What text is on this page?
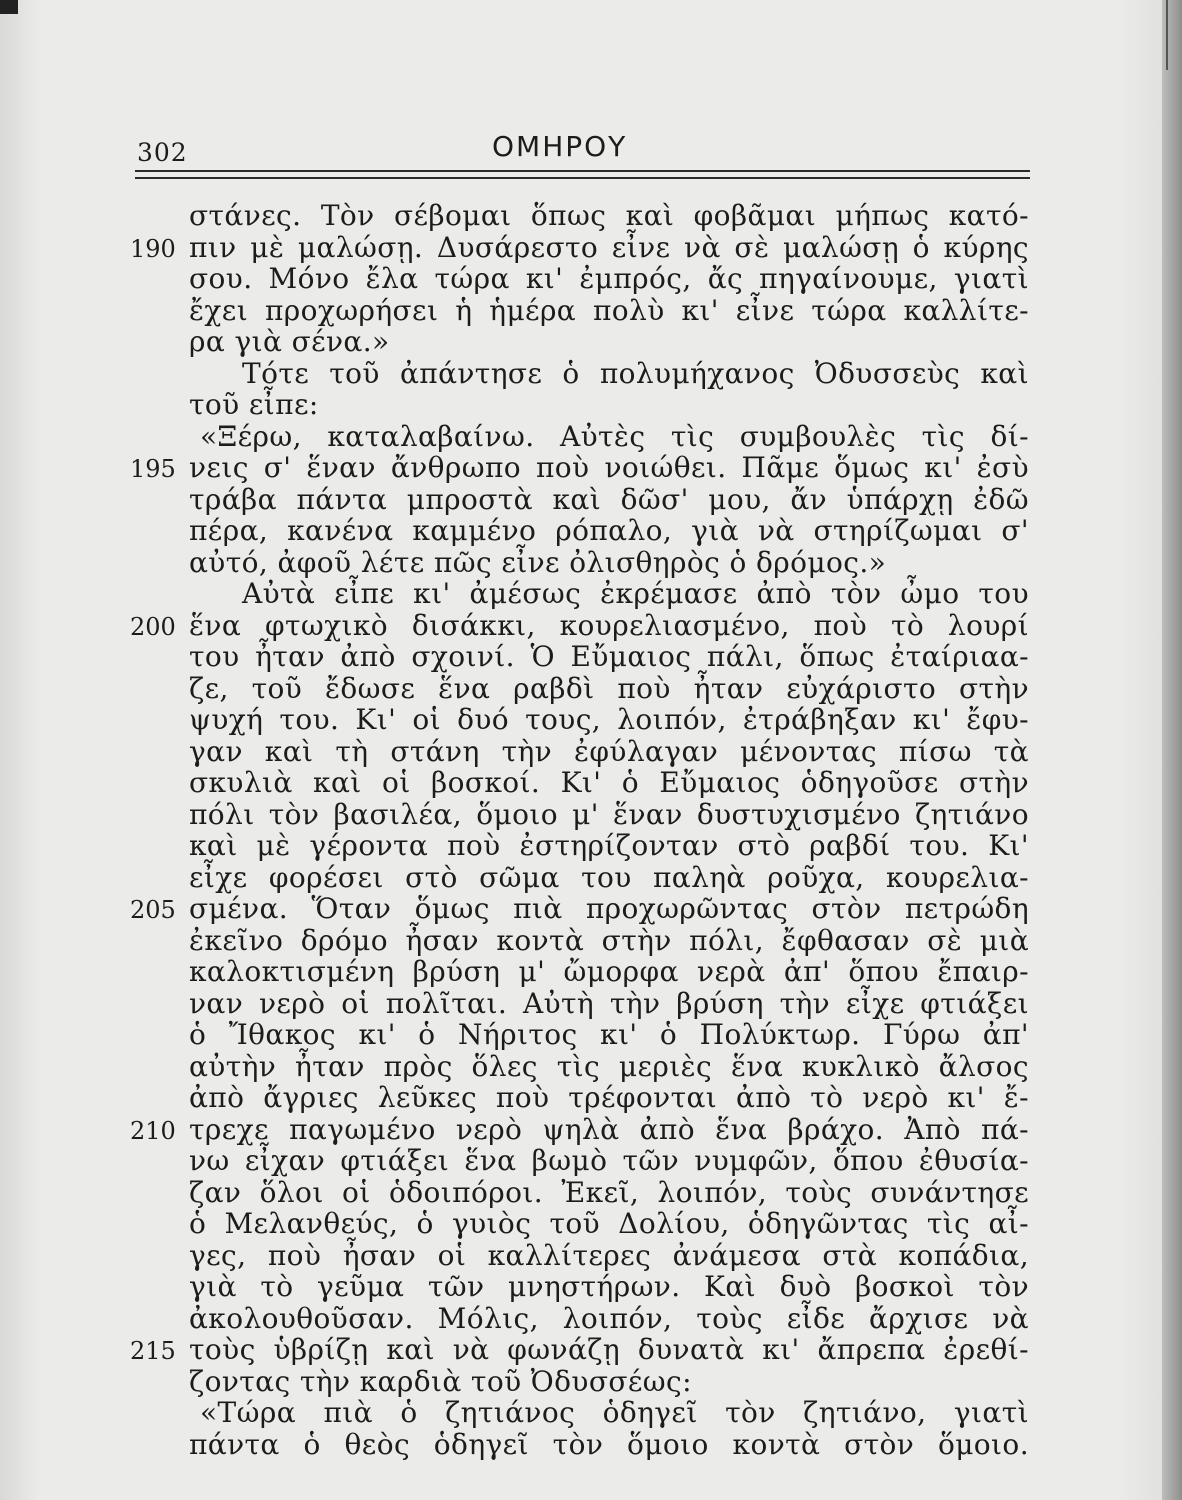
302	ΟΜΗΡΟΥ
στάνες. Τὸν σέβομαι ὅπως καὶ φοβᾶμαι μήπως κατό-
190 πιν μὲ μαλώσῃ. Δυσάρεστο εἶνε νὰ σὲ μαλώσῃ ὁ κύρης
σου. Μόνο ἔλα τώρα κι' ἐμπρός, ἄς πηγαίνουμε, γιατὶ
ἔχει προχωρήσει ἡ ἡμέρα πολὺ κι' εἶνε τώρα καλλίτε-
ρα γιὰ σένα.»
Τότε τοῦ ἀπάντησε ὁ πολυμήχανος Ὀδυσσεὺς καὶ
τοῦ εἶπε:
«Ξέρω, καταλαβαίνω. Αὐτὲς τὶς συμβουλὲς τὶς δί-
195 νεις σ' ἕναν ἄνθρωπο ποὺ νοιώθει. Πᾶμε ὅμως κι' ἐσὺ
τράβα πάντα μπροστὰ καὶ δῶσ' μου, ἄν ὑπάρχῃ ἐδῶ
πέρα, κανένα καμμένο ρόπαλο, γιὰ νὰ στηρίζωμαι σ'
αὐτό, ἀφοῦ λέτε πῶς εἶνε ὀλισθηρὸς ὁ δρόμος.»
Αὐτὰ εἶπε κι' ἀμέσως ἐκρέμασε ἀπὸ τὸν ὦμο του
200 ἕνα φτωχικὸ δισάκκι, κουρελιασμένο, ποὺ τὸ λουρί
του ἦταν ἀπὸ σχοινί. Ὁ Εὔμαιος πάλι, ὅπως ἐταίριαα-
ζε, τοῦ ἔδωσε ἕνα ραβδὶ ποὺ ἦταν εὐχάριστο στὴν
ψυχή του. Κι' οἱ δυό τους, λοιπόν, ἐτράβηξαν κι' ἔφυ-
γαν καὶ τὴ στάνη τὴν ἐφύλαγαν μένοντας πίσω τὰ
σκυλιὰ καὶ οἱ βοσκοί. Κι' ὁ Εὔμαιος ὁδηγοῦσε στὴν
πόλι τὸν βασιλέα, ὅμοιο μ' ἕναν δυστυχισμένο ζητιάνο
καὶ μὲ γέροντα ποὺ ἐστηρίζονταν στὸ ραβδί του. Κι'
εἶχε φορέσει στὸ σῶμα του παληὰ ροῦχα, κουρελια-
205 σμένα. Ὅταν ὅμως πιὰ προχωρῶντας στὸν πετρώδη
ἐκεῖνο δρόμο ἦσαν κοντὰ στὴν πόλι, ἔφθασαν σὲ μιὰ
καλοκτισμένη βρύση μ' ὤμορφα νερὰ ἀπ' ὅπου ἔπαιρ-
ναν νερὸ οἱ πολῖται. Αὐτὴ τὴν βρύση τὴν εἶχε φτιάξει
ὁ Ἴθακος κι' ὁ Νήριτος κι' ὁ Πολύκτωρ. Γύρω ἀπ'
αὐτὴν ἦταν πρὸς ὅλες τὶς μεριὲς ἕνα κυκλικὸ ἄλσος
ἀπὸ ἄγριες λεῦκες ποὺ τρέφονται ἀπὸ τὸ νερὸ κι' ἔ-
210 τρεχε παγωμένο νερὸ ψηλὰ ἀπὸ ἕνα βράχο. Ἀπὸ πά-
νω εἶχαν φτιάξει ἕνα βωμὸ τῶν νυμφῶν, ὅπου ἐθυσία-
ζαν ὅλοι οἱ ὁδοιπόροι. Ἐκεῖ, λοιπόν, τοὺς συνάντησε
ὁ Μελανθεύς, ὁ γυιὸς τοῦ Δολίου, ὁδηγῶντας τὶς αἶ-
γες, ποὺ ἦσαν οἱ καλλίτερες ἀνάμεσα στὰ κοπάδια,
γιὰ τὸ γεῦμα τῶν μνηστήρων. Καὶ δυὸ βοσκοὶ τὸν
ἀκολουθοῦσαν. Μόλις, λοιπόν, τοὺς εἶδε ἄρχισε νὰ
215 τοὺς ὑβρίζῃ καὶ νὰ φωνάζῃ δυνατὰ κι' ἄπρεπα ἐρεθί-
ζοντας τὴν καρδιὰ τοῦ Ὀδυσσέως:
«Τώρα πιὰ ὁ ζητιάνος ὁδηγεῖ τὸν ζητιάνο, γιατὶ
πάντα ὁ θεὸς ὁδηγεῖ τὸν ὅμοιο κοντὰ στὸν ὅμοιο.
